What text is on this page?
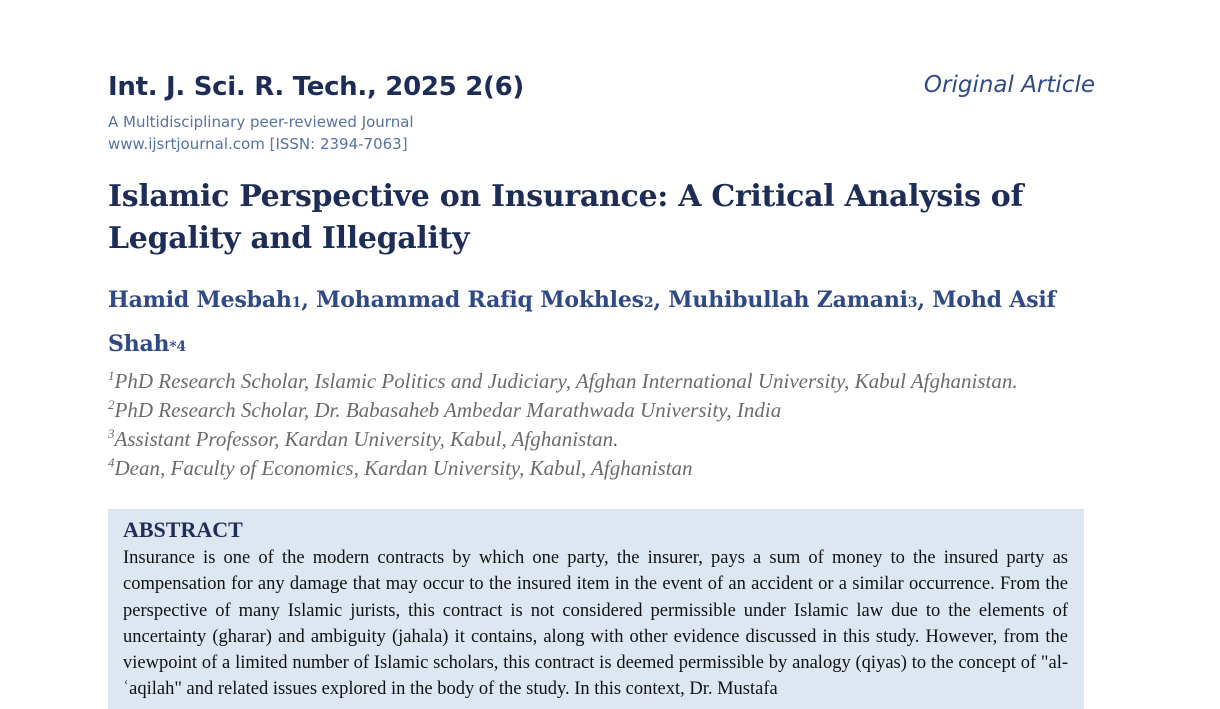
Int. J. Sci. R. Tech., 2025 2(6)	Original Article
A Multidisciplinary peer-reviewed Journal
www.ijsrtjournal.com [ISSN: 2394-7063]
Islamic Perspective on Insurance: A Critical Analysis of Legality and Illegality
Hamid Mesbah1, Mohammad Rafiq Mokhles2, Muhibullah Zamani3, Mohd Asif Shah*4
$^1$PhD Research Scholar, Islamic Politics and Judiciary, Afghan International University, Kabul Afghanistan.
$^2$PhD Research Scholar, Dr. Babasaheb Ambedar Marathwada University, India
$^3$Assistant Professor, Kardan University, Kabul, Afghanistan.
$^4$Dean, Faculty of Economics, Kardan University, Kabul, Afghanistan
ABSTRACT

Insurance is one of the modern contracts by which one party, the insurer, pays a sum of money to the insured party as compensation for any damage that may occur to the insured item in the event of an accident or a similar occurrence. From the perspective of many Islamic jurists, this contract is not considered permissible under Islamic law due to the elements of uncertainty (gharar) and ambiguity (jahala) it contains, along with other evidence discussed in this study. However, from the viewpoint of a limited number of Islamic scholars, this contract is deemed permissible by analogy (qiyas) to the concept of "al-ʿaqilah" and related issues explored in the body of the study. In this context, Dr. Mustafa
